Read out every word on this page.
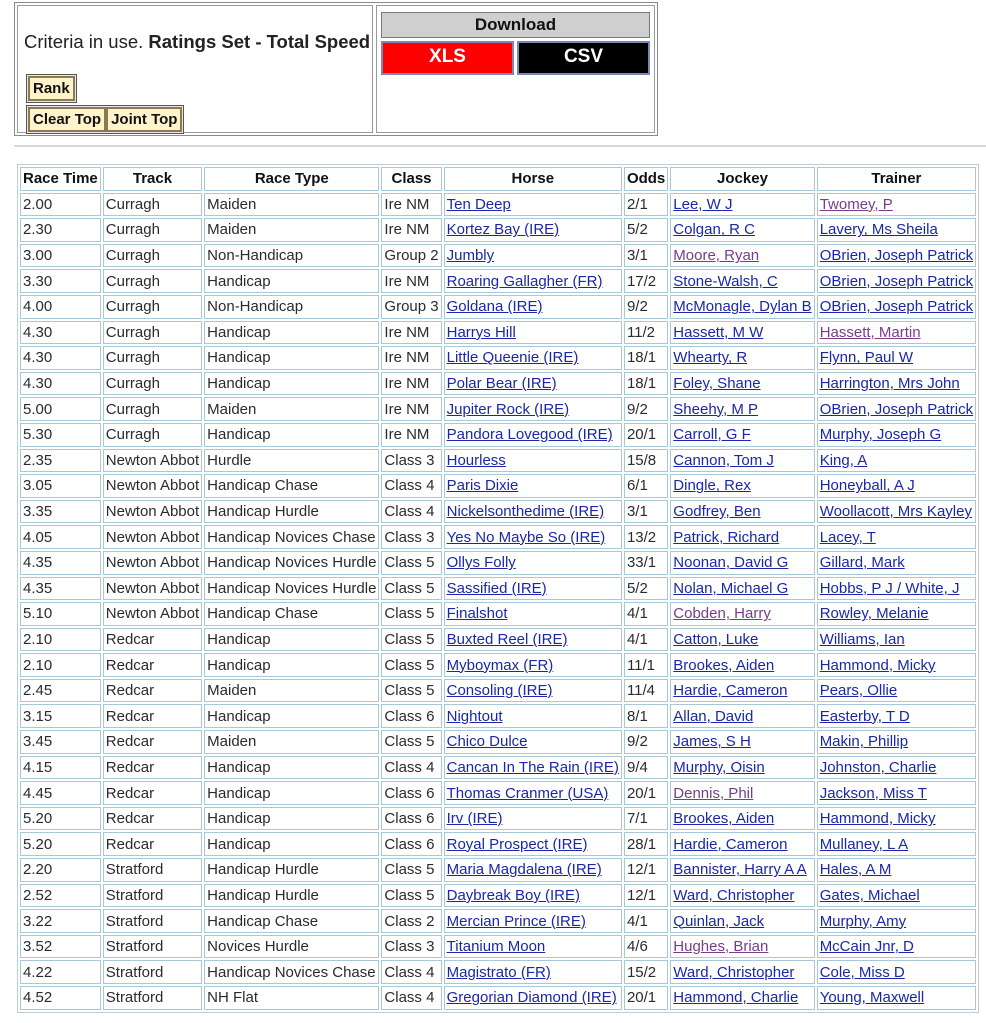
Criteria in use. Ratings Set - Total Speed
Rank
Clear Top Joint Top
Download
XLS	CSV
Race Time	Track	Race Type	Class	Horse	Odds	Jockey	Trainer
2.00	Curragh	Maiden	Ire NM	Ten Deep	2/1	Lee, W J	Twomey, P
2.30	Curragh	Maiden	Ire NM	Kortez Bay (IRE)	5/2	Colgan, R C	Lavery, Ms Sheila
3.00	Curragh	Non-Handicap	Group 2	Jumbly	3/1	Moore, Ryan	OBrien, Joseph Patrick
3.30	Curragh	Handicap	Ire NM	Roaring Gallagher (FR)	17/2	Stone-Walsh, C	OBrien, Joseph Patrick
4.00	Curragh	Non-Handicap	Group 3	Goldana (IRE)	9/2	McMonagle, Dylan B	OBrien, Joseph Patrick
4.30	Curragh	Handicap	Ire NM	Harrys Hill	11/2	Hassett, M W	Hassett, Martin
4.30	Curragh	Handicap	Ire NM	Little Queenie (IRE)	18/1	Whearty, R	Flynn, Paul W
4.30	Curragh	Handicap	Ire NM	Polar Bear (IRE)	18/1	Foley, Shane	Harrington, Mrs John
5.00	Curragh	Maiden	Ire NM	Jupiter Rock (IRE)	9/2	Sheehy, M P	OBrien, Joseph Patrick
5.30	Curragh	Handicap	Ire NM	Pandora Lovegood (IRE)	20/1	Carroll, G F	Murphy, Joseph G
2.35	Newton Abbot	Hurdle	Class 3	Hourless	15/8	Cannon, Tom J	King, A
3.05	Newton Abbot	Handicap Chase	Class 4	Paris Dixie	6/1	Dingle, Rex	Honeyball, A J
3.35	Newton Abbot	Handicap Hurdle	Class 4	Nickelsonthedime (IRE)	3/1	Godfrey, Ben	Woollacott, Mrs Kayley
4.05	Newton Abbot	Handicap Novices Chase	Class 3	Yes No Maybe So (IRE)	13/2	Patrick, Richard	Lacey, T
4.35	Newton Abbot	Handicap Novices Hurdle	Class 5	Ollys Folly	33/1	Noonan, David G	Gillard, Mark
4.35	Newton Abbot	Handicap Novices Hurdle	Class 5	Sassified (IRE)	5/2	Nolan, Michael G	Hobbs, P J / White, J
5.10	Newton Abbot	Handicap Chase	Class 5	Finalshot	4/1	Cobden, Harry	Rowley, Melanie
2.10	Redcar	Handicap	Class 5	Buxted Reel (IRE)	4/1	Catton, Luke	Williams, Ian
2.10	Redcar	Handicap	Class 5	Myboymax (FR)	11/1	Brookes, Aiden	Hammond, Micky
2.45	Redcar	Maiden	Class 5	Consoling (IRE)	11/4	Hardie, Cameron	Pears, Ollie
3.15	Redcar	Handicap	Class 6	Nightout	8/1	Allan, David	Easterby, T D
3.45	Redcar	Maiden	Class 5	Chico Dulce	9/2	James, S H	Makin, Phillip
4.15	Redcar	Handicap	Class 4	Cancan In The Rain (IRE)	9/4	Murphy, Oisin	Johnston, Charlie
4.45	Redcar	Handicap	Class 6	Thomas Cranmer (USA)	20/1	Dennis, Phil	Jackson, Miss T
5.20	Redcar	Handicap	Class 6	Irv (IRE)	7/1	Brookes, Aiden	Hammond, Micky
5.20	Redcar	Handicap	Class 6	Royal Prospect (IRE)	28/1	Hardie, Cameron	Mullaney, L A
2.20	Stratford	Handicap Hurdle	Class 5	Maria Magdalena (IRE)	12/1	Bannister, Harry A A	Hales, A M
2.52	Stratford	Handicap Hurdle	Class 5	Daybreak Boy (IRE)	12/1	Ward, Christopher	Gates, Michael
3.22	Stratford	Handicap Chase	Class 2	Mercian Prince (IRE)	4/1	Quinlan, Jack	Murphy, Amy
3.52	Stratford	Novices Hurdle	Class 3	Titanium Moon	4/6	Hughes, Brian	McCain Jnr, D
4.22	Stratford	Handicap Novices Chase	Class 4	Magistrato (FR)	15/2	Ward, Christopher	Cole, Miss D
4.52	Stratford	NH Flat	Class 4	Gregorian Diamond (IRE)	20/1	Hammond, Charlie	Young, Maxwell
